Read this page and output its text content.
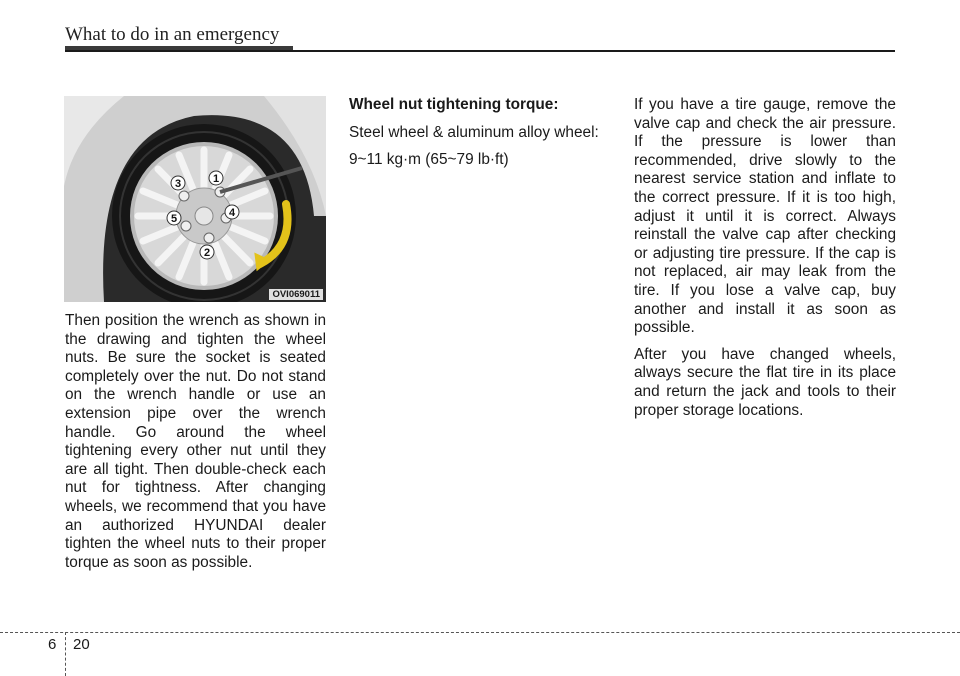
What to do in an emergency
1
2
3
4
5
OVI069011

Then position the wrench as shown in the drawing and tighten the wheel nuts. Be sure the socket is seated completely over the nut. Do not stand on the wrench handle or use an extension pipe over the wrench handle. Go around the wheel tightening every other nut until they are all tight. Then double-check each nut for tightness. After changing wheels, we recommend that you have an authorized HYUNDAI dealer tighten the wheel nuts to their proper torque as soon as possible.

Wheel nut tightening torque:

Steel wheel & aluminum alloy wheel:

9~11 kg·m (65~79 lb·ft)

If you have a tire gauge, remove the valve cap and check the air pressure. If the pressure is lower than recommended, drive slowly to the nearest service station and inflate to the correct pressure. If it is too high, adjust it until it is correct. Always reinstall the valve cap after checking or adjusting tire pressure. If the cap is not replaced, air may leak from the tire. If you lose a valve cap, buy another and install it as soon as possible.

After you have changed wheels, always secure the flat tire in its place and return the jack and tools to their proper storage locations.

6 20
